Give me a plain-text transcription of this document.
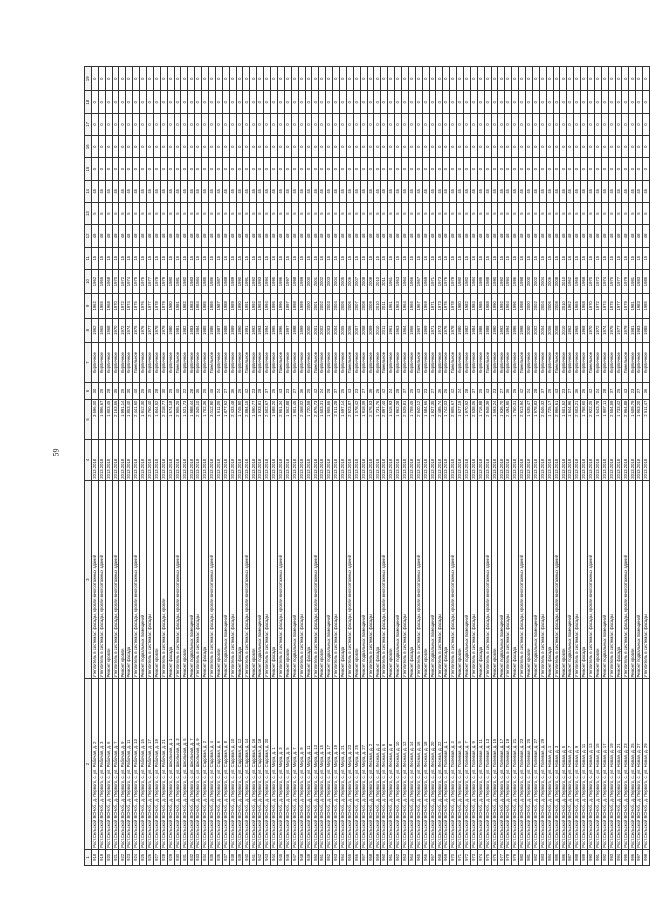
59
1	2	3	4	5	6	7	8	9	10	11	12	13	14	15	16	17	18	19
918	Рост.Сельской ВСНоб., д. Первого, с. ул. Рабочая, д. 2	Утеплитель в системах: фасады, кровли многоэтажных зданий	2013.2018	3 696,00	30	Кирпичное	1962	1962	1962	15	48	5	45	0	0	0	0	0
919	Рост.Сельской ВСНоб., д. Первого, с. ул. Рабочая, д. 3	Утеплитель в системах: фасады, кровли многоэтажных зданий	2013.2018	1 996,67	25	Кирпичное	1965	1965	1965	15	48	5	45	0	0	0	0	0
920	Рост.Сельской ВСНоб., д. Первого, с. ул. Рабочая, д. 6	Ремонт кровли	2013.2018	1 803,45	28	Кирпичное	1968	1968	1968	15	48	5	45	0	0	0	0	0
921	Рост.Сельской ВСНоб., д. Первого, с. ул. Рабочая, д. 7	Утеплитель в системах: фасады, кровли многоэтажных зданий	2013.2018	2 163,56	35	Кирпичное	1970	1970	1970	15	48	5	45	0	0	0	0	0
922	Рост.Сельской ВСНоб., д. Первого, с. ул. Рабочая, д. 9	Ремонт кровли	2013.2018	1 991,14	25	Кирпичное	1972	1972	1972	15	48	5	45	0	0	0	0	0
923	Рост.Сельской ВСНоб., д. Первого, с. ул. Рабочая, д. 11	Ремонт фасада	2013.2018	1 853,40	30	Кирпичное	1974	1974	1974	15	48	5	45	0	0	0	0	0
924	Рост.Сельской ВСНоб., д. Первого, с. ул. Рабочая, д. 13	Утеплитель в системах: фасады, кровли многоэтажных зданий	2013.2018	2 441,60	40	Панельное	1975	1975	1975	15	48	5	45	0	0	0	0	0
925	Рост.Сельской ВСНоб., д. Первого, с. ул. Рабочая, д. 15	Ремонт подвальных помещений	2013.2018	1 912,30	25	Кирпичное	1976	1976	1976	15	48	5	45	0	0	0	0	0
926	Рост.Сельской ВСНоб., д. Первого, с. ул. Рабочая, д. 17	Утеплитель в системах: фасады	2013.2018	2 760,40	35	Кирпичное	1977	1977	1977	15	48	5	45	0	0	0	0	0
927	Рост.Сельской ВСНоб., д. Первого, с. ул. Рабочая, д. 19	Ремонт кровли	2013.2018	1 844,52	28	Кирпичное	1978	1978	1978	15	48	5	45	0	0	0	0	0
928	Рост.Сельской ВСНоб., д. Первого, с. ул. Рабочая, д. 21	Утеплитель в системах: фасады, кровли	2013.2018	2 218,77	30	Кирпичное	1979	1979	1979	15	48	5	45	0	0	0	0	0
929	Рост.Сельской ВСНоб., д. Первого, с. ул. Школьная, д. 1	Ремонт фасада	2013.2018	1 674,18	25	Кирпичное	1980	1980	1980	15	48	5	45	0	0	0	0	0
930	Рост.Сельской ВСНоб., д. Первого, с. ул. Школьная, д. 3	Утеплитель в системах: фасады, кровли многоэтажных зданий	2013.2018	2 906,25	40	Панельное	1981	1981	1981	15	48	5	45	0	0	0	0	0
931	Рост.Сельской ВСНоб., д. Первого, с. ул. Школьная, д. 5	Ремонт кровли	2013.2018	1 521,73	22	Кирпичное	1982	1982	1982	15	48	5	45	0	0	0	0	0
932	Рост.Сельской ВСНоб., д. Первого, с. ул. Школьная, д. 7	Ремонт подвальных помещений	2013.2018	1 988,44	28	Кирпичное	1983	1983	1983	15	48	5	45	0	0	0	0	0
933	Рост.Сельской ВСНоб., д. Первого, с. ул. Школьная, д. 9	Утеплитель в системах: фасады	2013.2018	2 345,10	35	Кирпичное	1984	1984	1984	15	48	5	45	0	0	0	0	0
934	Рост.Сельской ВСНоб., д. Первого, с. ул. Садовая, д. 2	Ремонт фасада	2013.2018	1 702,36	25	Кирпичное	1985	1985	1985	15	48	5	45	0	0	0	0	0
935	Рост.Сельской ВСНоб., д. Первого, с. ул. Садовая, д. 4	Утеплитель в системах: фасады, кровли многоэтажных зданий	2013.2018	3 012,90	45	Панельное	1986	1986	1986	15	48	5	45	0	0	0	0	0
936	Рост.Сельской ВСНоб., д. Первого, с. ул. Садовая, д. 6	Ремонт кровли	2013.2018	1 611,05	24	Кирпичное	1987	1987	1987	15	48	5	45	0	0	0	0	0
937	Рост.Сельской ВСНоб., д. Первого, с. ул. Садовая, д. 8	Ремонт подвальных помещений	2013.2018	1 877,62	27	Кирпичное	1988	1988	1988	15	48	5	45	0	0	0	0	0
938	Рост.Сельской ВСНоб., д. Первого, с. ул. Садовая, д. 10	Утеплитель в системах: фасады	2013.2018	2 433,48	36	Кирпичное	1989	1989	1989	15	48	5	45	0	0	0	0	0
939	Рост.Сельской ВСНоб., д. Первого, с. ул. Садовая, д. 12	Ремонт фасада	2013.2018	1 745,90	26	Кирпичное	1990	1990	1990	15	48	5	45	0	0	0	0	0
940	Рост.Сельской ВСНоб., д. Первого, с. ул. Садовая, д. 14	Утеплитель в системах: фасады, кровли многоэтажных зданий	2013.2018	2 884,15	42	Панельное	1991	1991	1991	15	48	5	45	0	0	0	0	0
941	Рост.Сельской ВСНоб., д. Первого, с. ул. Садовая, д. 16	Ремонт кровли	2013.2018	1 590,77	23	Кирпичное	1992	1992	1992	15	48	5	45	0	0	0	0	0
942	Рост.Сельской ВСНоб., д. Первого, с. ул. Садовая, д. 18	Ремонт подвальных помещений	2013.2018	1 933,81	28	Кирпичное	1993	1993	1993	15	48	5	45	0	0	0	0	0
943	Рост.Сельской ВСНоб., д. Первого, с. ул. Садовая, д. 20	Утеплитель в системах: фасады	2013.2018	2 502,67	37	Кирпичное	1994	1994	1994	15	48	5	45	0	0	0	0	0
944	Рост.Сельской ВСНоб., д. Первого, с. ул. Мира, д. 1	Ремонт фасада	2013.2018	1 688,20	25	Кирпичное	1995	1995	1995	15	48	5	45	0	0	0	0	0
945	Рост.Сельской ВСНоб., д. Первого, с. ул. Мира, д. 3	Утеплитель в системах: фасады, кровли многоэтажных зданий	2013.2018	2 951,34	43	Панельное	1996	1996	1996	15	48	5	45	0	0	0	0	0
946	Рост.Сельской ВСНоб., д. Первого, с. ул. Мира, д. 5	Ремонт кровли	2013.2018	1 562,88	23	Кирпичное	1997	1997	1997	15	48	5	45	0	0	0	0	0
947	Рост.Сельской ВСНоб., д. Первого, с. ул. Мира, д. 7	Ремонт подвальных помещений	2013.2018	1 901,45	27	Кирпичное	1998	1998	1998	15	48	5	45	0	0	0	0	0
948	Рост.Сельской ВСНоб., д. Первого, с. ул. Мира, д. 9	Утеплитель в системах: фасады	2013.2018	2 468,02	36	Кирпичное	1999	1999	1999	15	48	5	45	0	0	0	0	0
949	Рост.Сельской ВСНоб., д. Первого, с. ул. Мира, д. 11	Ремонт фасада	2013.2018	1 720,59	25	Кирпичное	2000	2000	2000	15	48	5	45	0	0	0	0	0
950	Рост.Сельской ВСНоб., д. Первого, с. ул. Мира, д. 13	Утеплитель в системах: фасады, кровли многоэтажных зданий	2013.2018	2 876,73	42	Панельное	2001	2001	2001	15	48	5	45	0	0	0	0	0
951	Рост.Сельской ВСНоб., д. Первого, с. ул. Мира, д. 15	Ремонт кровли	2013.2018	1 603,31	24	Кирпичное	2002	2002	2002	15	48	5	45	0	0	0	0	0
952	Рост.Сельской ВСНоб., д. Первого, с. ул. Мира, д. 17	Ремонт подвальных помещений	2013.2018	1 955,66	28	Кирпичное	2003	2003	2003	15	48	5	45	0	0	0	0	0
953	Рост.Сельской ВСНоб., д. Первого, с. ул. Мира, д. 19	Утеплитель в системах: фасады	2013.2018	2 511,28	37	Кирпичное	2004	2004	2004	15	48	5	45	0	0	0	0	0
954	Рост.Сельской ВСНоб., д. Первого, с. ул. Мира, д. 21	Ремонт фасада	2013.2018	1 697,14	25	Кирпичное	2005	2005	2005	15	48	5	45	0	0	0	0	0
955	Рост.Сельской ВСНоб., д. Первого, с. ул. Мира, д. 23	Утеплитель в системах: фасады, кровли многоэтажных зданий	2013.2018	2 923,87	43	Панельное	2006	2006	2006	15	48	5	45	0	0	0	0	0
956	Рост.Сельской ВСНоб., д. Первого, с. ул. Мира, д. 25	Ремонт кровли	2013.2018	1 578,42	23	Кирпичное	2007	2007	2007	15	48	5	45	0	0	0	0	0
957	Рост.Сельской ВСНоб., д. Первого, с. ул. Мира, д. 27	Ремонт подвальных помещений	2013.2018	1 918,09	27	Кирпичное	2008	2008	2008	15	48	5	45	0	0	0	0	0
958	Рост.Сельской ВСНоб., д. Первого, с. ул. Лесная, д. 2	Утеплитель в системах: фасады	2013.2018	2 476,53	36	Кирпичное	2009	2009	2009	15	48	5	45	0	0	0	0	0
959	Рост.Сельской ВСНоб., д. Первого, с. ул. Лесная, д. 4	Ремонт фасада	2013.2018	1 731,76	26	Кирпичное	2010	2010	2010	15	48	5	45	0	0	0	0	0
960	Рост.Сельской ВСНоб., д. Первого, с. ул. Лесная, д. 6	Утеплитель в системах: фасады, кровли многоэтажных зданий	2013.2018	2 897,40	42	Панельное	2011	2011	2011	15	48	5	45	0	0	0	0	0
961	Рост.Сельской ВСНоб., д. Первого, с. ул. Лесная, д. 8	Ремонт кровли	2013.2018	1 615,93	24	Кирпичное	1961	1961	1961	15	48	5	45	0	0	0	0	0
962	Рост.Сельской ВСНоб., д. Первого, с. ул. Лесная, д. 10	Ремонт подвальных помещений	2013.2018	1 962,28	28	Кирпичное	1963	1963	1963	15	48	5	45	0	0	0	0	0
963	Рост.Сельской ВСНоб., д. Первого, с. ул. Лесная, д. 12	Утеплитель в системах: фасады	2013.2018	2 529,81	37	Кирпичное	1964	1964	1964	15	48	5	45	0	0	0	0	0
964	Рост.Сельской ВСНоб., д. Первого, с. ул. Лесная, д. 14	Ремонт фасада	2013.2018	1 709,45	25	Кирпичное	1966	1966	1966	15	48	5	45	0	0	0	0	0
965	Рост.Сельской ВСНоб., д. Первого, с. ул. Лесная, д. 16	Утеплитель в системах: фасады, кровли многоэтажных зданий	2013.2018	2 940,12	43	Панельное	1967	1967	1967	15	48	5	45	0	0	0	0	0
966	Рост.Сельской ВСНоб., д. Первого, с. ул. Лесная, д. 18	Ремонт кровли	2013.2018	1 584,66	23	Кирпичное	1969	1969	1969	15	48	5	45	0	0	0	0	0
967	Рост.Сельской ВСНоб., д. Первого, с. ул. Лесная, д. 20	Ремонт подвальных помещений	2013.2018	1 927,35	27	Кирпичное	1971	1971	1971	15	48	5	45	0	0	0	0	0
968	Рост.Сельской ВСНоб., д. Первого, с. ул. Лесная, д. 22	Утеплитель в системах: фасады	2013.2018	2 485,74	36	Кирпичное	1973	1973	1973	15	48	5	45	0	0	0	0	0
969	Рост.Сельской ВСНоб., д. Первого, с. ул. Полевая, д. 1	Ремонт фасада	2013.2018	1 742,03	26	Кирпичное	1976	1976	1976	15	48	5	45	0	0	0	0	0
970	Рост.Сельской ВСНоб., д. Первого, с. ул. Полевая, д. 3	Утеплитель в системах: фасады, кровли многоэтажных зданий	2013.2018	2 905,67	42	Панельное	1978	1978	1978	15	48	5	45	0	0	0	0	0
971	Рост.Сельской ВСНоб., д. Первого, с. ул. Полевая, д. 5	Ремонт кровли	2013.2018	1 627,19	24	Кирпичное	1980	1980	1980	15	48	5	45	0	0	0	0	0
972	Рост.Сельской ВСНоб., д. Первого, с. ул. Полевая, д. 7	Ремонт подвальных помещений	2013.2018	1 970,52	28	Кирпичное	1982	1982	1982	15	48	5	45	0	0	0	0	0
973	Рост.Сельской ВСНоб., д. Первого, с. ул. Полевая, д. 9	Утеплитель в системах: фасады	2013.2018	2 538,06	37	Кирпичное	1984	1984	1984	15	48	5	45	0	0	0	0	0
974	Рост.Сельской ВСНоб., д. Первого, с. ул. Полевая, д. 11	Ремонт фасада	2013.2018	1 716,88	25	Кирпичное	1986	1986	1986	15	48	5	45	0	0	0	0	0
975	Рост.Сельской ВСНоб., д. Первого, с. ул. Полевая, д. 13	Утеплитель в системах: фасады, кровли многоэтажных зданий	2013.2018	2 948,39	43	Панельное	1988	1988	1988	15	48	5	45	0	0	0	0	0
976	Рост.Сельской ВСНоб., д. Первого, с. ул. Полевая, д. 15	Ремонт кровли	2013.2018	1 593,24	23	Кирпичное	1990	1990	1990	15	48	5	45	0	0	0	0	0
977	Рост.Сельской ВСНоб., д. Первого, с. ул. Полевая, д. 17	Ремонт подвальных помещений	2013.2018	1 936,70	27	Кирпичное	1992	1992	1992	15	48	5	45	0	0	0	0	0
978	Рост.Сельской ВСНоб., д. Первого, с. ул. Полевая, д. 19	Утеплитель в системах: фасады	2013.2018	2 494,95	36	Кирпичное	1994	1994	1994	15	48	5	45	0	0	0	0	0
979	Рост.Сельской ВСНоб., д. Первого, с. ул. Полевая, д. 21	Ремонт фасада	2013.2018	1 750,31	26	Кирпичное	1996	1996	1996	15	48	5	45	0	0	0	0	0
980	Рост.Сельской ВСНоб., д. Первого, с. ул. Полевая, д. 23	Утеплитель в системах: фасады, кровли многоэтажных зданий	2013.2018	2 913,94	42	Панельное	1998	1998	1998	15	48	5	45	0	0	0	0	0
981	Рост.Сельской ВСНоб., д. Первого, с. ул. Полевая, д. 25	Ремонт кровли	2013.2018	1 635,47	24	Кирпичное	2000	2000	2000	15	48	5	45	0	0	0	0	0
982	Рост.Сельской ВСНоб., д. Первого, с. ул. Полевая, д. 27	Ремонт подвальных помещений	2013.2018	1 978,83	28	Кирпичное	2002	2002	2002	15	48	5	45	0	0	0	0	0
983	Рост.Сельской ВСНоб., д. Первого, с. ул. Полевая, д. 29	Утеплитель в системах: фасады	2013.2018	2 546,32	37	Кирпичное	2004	2004	2004	15	48	5	45	0	0	0	0	0
984	Рост.Сельской ВСНоб., д. Первого, с. ул. Новая, д. 1	Ремонт фасада	2013.2018	1 725,17	25	Кирпичное	2006	2006	2006	15	48	5	45	0	0	0	0	0
985	Рост.Сельской ВСНоб., д. Первого, с. ул. Новая, д. 3	Утеплитель в системах: фасады, кровли многоэтажных зданий	2013.2018	2 956,61	43	Панельное	2008	2008	2008	15	48	5	45	0	0	0	0	0
986	Рост.Сельской ВСНоб., д. Первого, с. ул. Новая, д. 5	Ремонт кровли	2013.2018	1 601,52	23	Кирпичное	2010	2010	2010	15	48	5	45	0	0	0	0	0
987	Рост.Сельской ВСНоб., д. Первого, с. ул. Новая, д. 7	Ремонт подвальных помещений	2013.2018	1 944,96	27	Кирпичное	1962	1962	1962	15	48	5	45	0	0	0	0	0
988	Рост.Сельской ВСНоб., д. Первого, с. ул. Новая, д. 9	Утеплитель в системах: фасады	2013.2018	2 503,21	36	Кирпичное	1965	1965	1965	15	48	5	45	0	0	0	0	0
989	Рост.Сельской ВСНоб., д. Первого, с. ул. Новая, д. 11	Ремонт фасада	2013.2018	1 758,60	26	Кирпичное	1968	1968	1968	15	48	5	45	0	0	0	0	0
990	Рост.Сельской ВСНоб., д. Первого, с. ул. Новая, д. 13	Утеплитель в системах: фасады, кровли многоэтажных зданий	2013.2018	2 922,25	42	Панельное	1970	1970	1970	15	48	5	45	0	0	0	0	0
991	Рост.Сельской ВСНоб., д. Первого, с. ул. Новая, д. 15	Ремонт кровли	2013.2018	1 643,78	24	Кирпичное	1972	1972	1972	15	48	5	45	0	0	0	0	0
992	Рост.Сельской ВСНоб., д. Первого, с. ул. Новая, д. 17	Ремонт подвальных помещений	2013.2018	1 987,11	28	Кирпичное	1974	1974	1974	15	48	5	45	0	0	0	0	0
993	Рост.Сельской ВСНоб., д. Первого, с. ул. Новая, д. 19	Утеплитель в системах: фасады	2013.2018	2 554,59	37	Кирпичное	1975	1975	1975	15	48	5	45	0	0	0	0	0
994	Рост.Сельской ВСНоб., д. Первого, с. ул. Новая, д. 21	Ремонт фасада	2013.2018	1 733,42	25	Кирпичное	1977	1977	1977	15	48	5	45	0	0	0	0	0
995	Рост.Сельской ВСНоб., д. Первого, с. ул. Новая, д. 23	Утеплитель в системах: фасады, кровли многоэтажных зданий	2013.2018	2 964,88	43	Панельное	1979	1979	1979	15	48	5	45	0	0	0	0	0
996	Рост.Сельской ВСНоб., д. Первого, с. ул. Новая, д. 25	Ремонт кровли	2013.2018	1 609,79	23	Кирпичное	1981	1981	1981	15	48	5	45	0	0	0	0	0
997	Рост.Сельской ВСНоб., д. Первого, с. ул. Новая, д. 27	Ремонт подвальных помещений	2013.2018	1 953,20	27	Кирпичное	1983	1983	1983	15	48	5	45	0	0	0	0	0
998	Рост.Сельской ВСНоб., д. Первого, с. ул. Новая, д. 29	Утеплитель в системах: фасады	2013.2018	2 511,47	36	Кирпичное	1985	1985	1985	15	48	5	45	0	0	0	0	0
